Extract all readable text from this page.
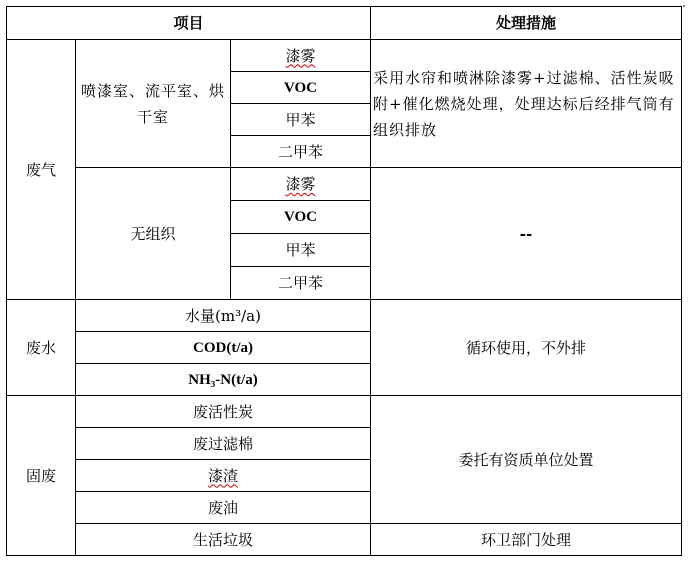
项目			处理措施
废气	喷漆室、流平室、烘干室	漆雾	采用水帘和喷淋除漆雾+过滤棉、活性炭吸附+催化燃烧处理，处理达标后经排气筒有组织排放
		VOC	
		甲苯	
		二甲苯	
	无组织	漆雾	--
		VOC	
		甲苯	
		二甲苯	
废水	水量(m³/a)		循环使用，不外排
	COD(t/a)		
	NH₃-N(t/a)		
固废	废活性炭		委托有资质单位处置
	废过滤棉		
	漆渣		
	废油		
	生活垃圾		环卫部门处理
